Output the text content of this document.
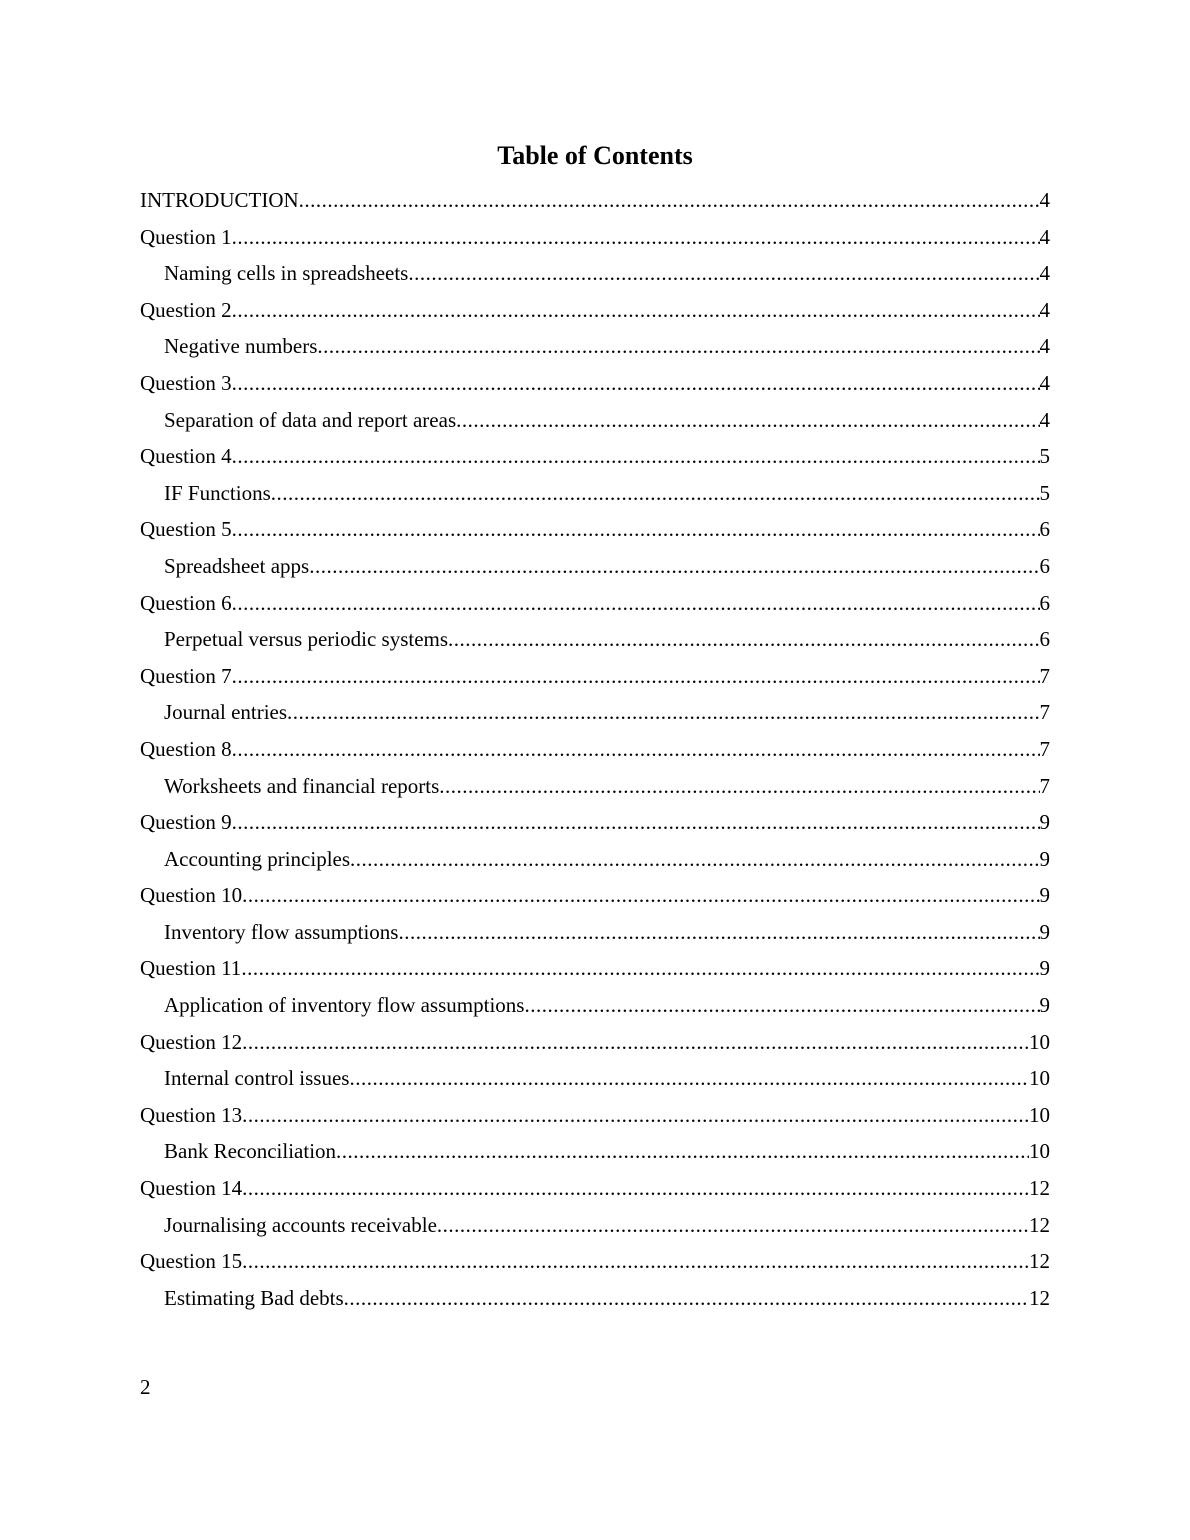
Table of Contents
INTRODUCTION .....	4
Question 1 .....	4
Naming cells in spreadsheets .....	4
Question 2 .....	4
Negative numbers .....	4
Question 3 .....	4
Separation of data and report areas .....	4
Question 4 .....	5
IF Functions .....	5
Question 5 .....	6
Spreadsheet apps .....	6
Question 6 .....	6
Perpetual versus periodic systems .....	6
Question 7 .....	7
Journal entries .....	7
Question 8 .....	7
Worksheets and financial reports .....	7
Question 9 .....	9
Accounting principles .....	9
Question 10 .....	9
Inventory flow assumptions .....	9
Question 11 .....	9
Application of inventory flow assumptions .....	9
Question 12 .....	10
Internal control issues .....	10
Question 13 .....	10
Bank Reconciliation .....	10
Question 14 .....	12
Journalising accounts receivable .....	12
Question 15 .....	12
Estimating Bad debts .....	12
2
